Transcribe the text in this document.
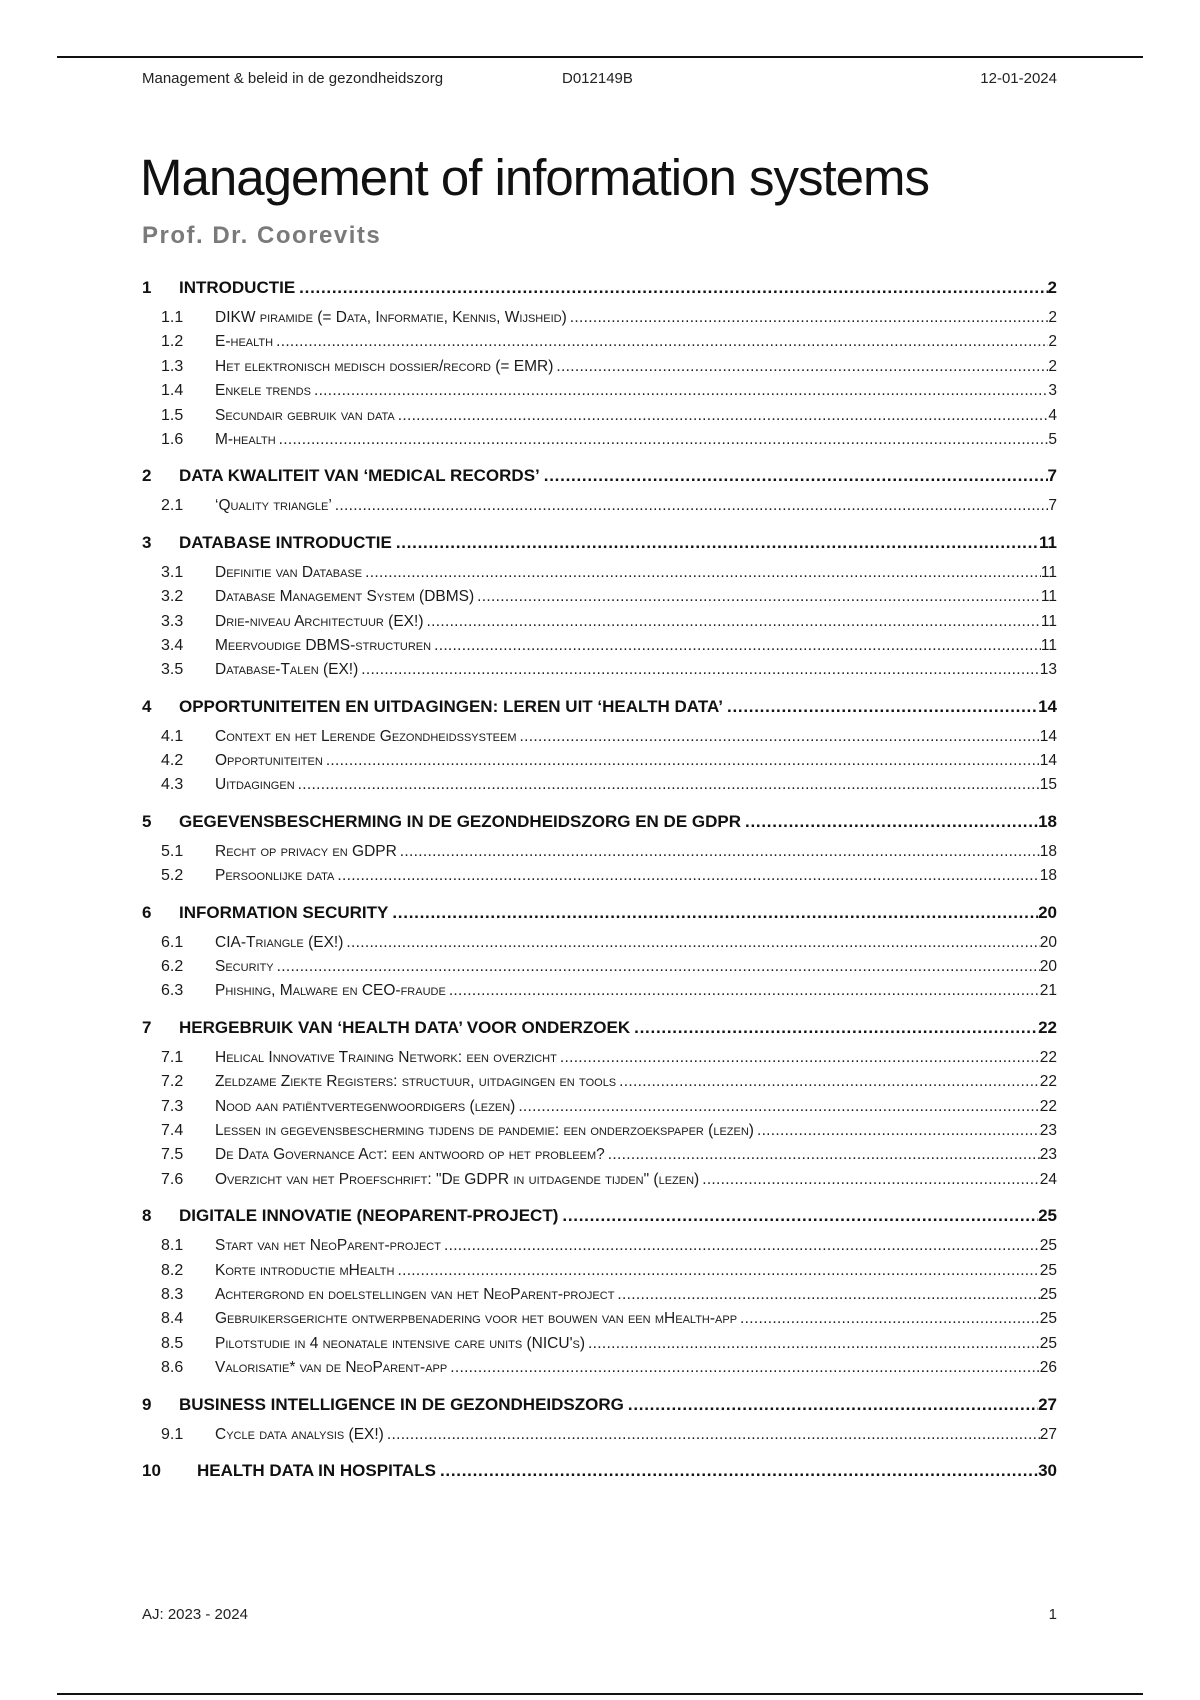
Management & beleid in de gezondheidszorg	D012149B	12-01-2024
Management of information systems
Prof. Dr. Coorevits
1	INTRODUCTIE . . .	2
1.1	DIKW piramide (= Data, Informatie, Kennis, Wijsheid) . . .	2
1.2	E-health . . .	2
1.3	Het elektronisch medisch dossier/record (= EMR) . . .	2
1.4	Enkele trends . . .	3
1.5	Secundair gebruik van data . . .	4
1.6	M-health . . .	5
2	DATA KWALITEIT VAN ‘MEDICAL RECORDS’ . . .	7
2.1	‘Quality triangle’ . . .	7
3	DATABASE INTRODUCTIE . . .	11
3.1	Definitie van Database . . .	11
3.2	Database Management System (DBMS) . . .	11
3.3	Drie-niveau Architectuur (EX!) . . .	11
3.4	Meervoudige DBMS-structuren . . .	11
3.5	Database-Talen (EX!) . . .	13
4	OPPORTUNITEITEN EN UITDAGINGEN: LEREN UIT ‘HEALTH DATA’ . . .	14
4.1	Context en het Lerende Gezondheidssysteem . . .	14
4.2	Opportuniteiten . . .	14
4.3	Uitdagingen . . .	15
5	GEGEVENSBESCHERMING IN DE GEZONDHEIDSZORG EN DE GDPR . . .	18
5.1	Recht op privacy en GDPR . . .	18
5.2	Persoonlijke data . . .	18
6	INFORMATION SECURITY . . .	20
6.1	CIA-Triangle (EX!) . . .	20
6.2	Security . . .	20
6.3	Phishing, Malware en CEO-fraude . . .	21
7	HERGEBRUIK VAN ‘HEALTH DATA’ VOOR ONDERZOEK . . .	22
7.1	Helical Innovative Training Network: een overzicht . . .	22
7.2	Zeldzame Ziekte Registers: structuur, uitdagingen en tools . . .	22
7.3	Nood aan patiëntvertegenwoordigers (lezen) . . .	22
7.4	Lessen in gegevensbescherming tijdens de pandemie: een onderzoekspaper (lezen) . . .	23
7.5	De Data Governance Act: een antwoord op het probleem? . . .	23
7.6	Overzicht van het Proefschrift: "De GDPR in uitdagende tijden" (lezen) . . .	24
8	DIGITALE INNOVATIE (NEOPARENT-PROJECT) . . .	25
8.1	Start van het NeoParent-project . . .	25
8.2	Korte introductie mHealth . . .	25
8.3	Achtergrond en doelstellingen van het NeoParent-project . . .	25
8.4	Gebruikersgerichte ontwerpbenadering voor het bouwen van een mHealth-app . . .	25
8.5	Pilotstudie in 4 neonatale intensive care units (NICU's) . . .	25
8.6	Valorisatie* van de NeoParent-app . . .	26
9	BUSINESS INTELLIGENCE IN DE GEZONDHEIDSZORG . . .	27
9.1	Cycle data analysis (EX!) . . .	27
10	HEALTH DATA IN HOSPITALS . . .	30
AJ: 2023 - 2024	1
